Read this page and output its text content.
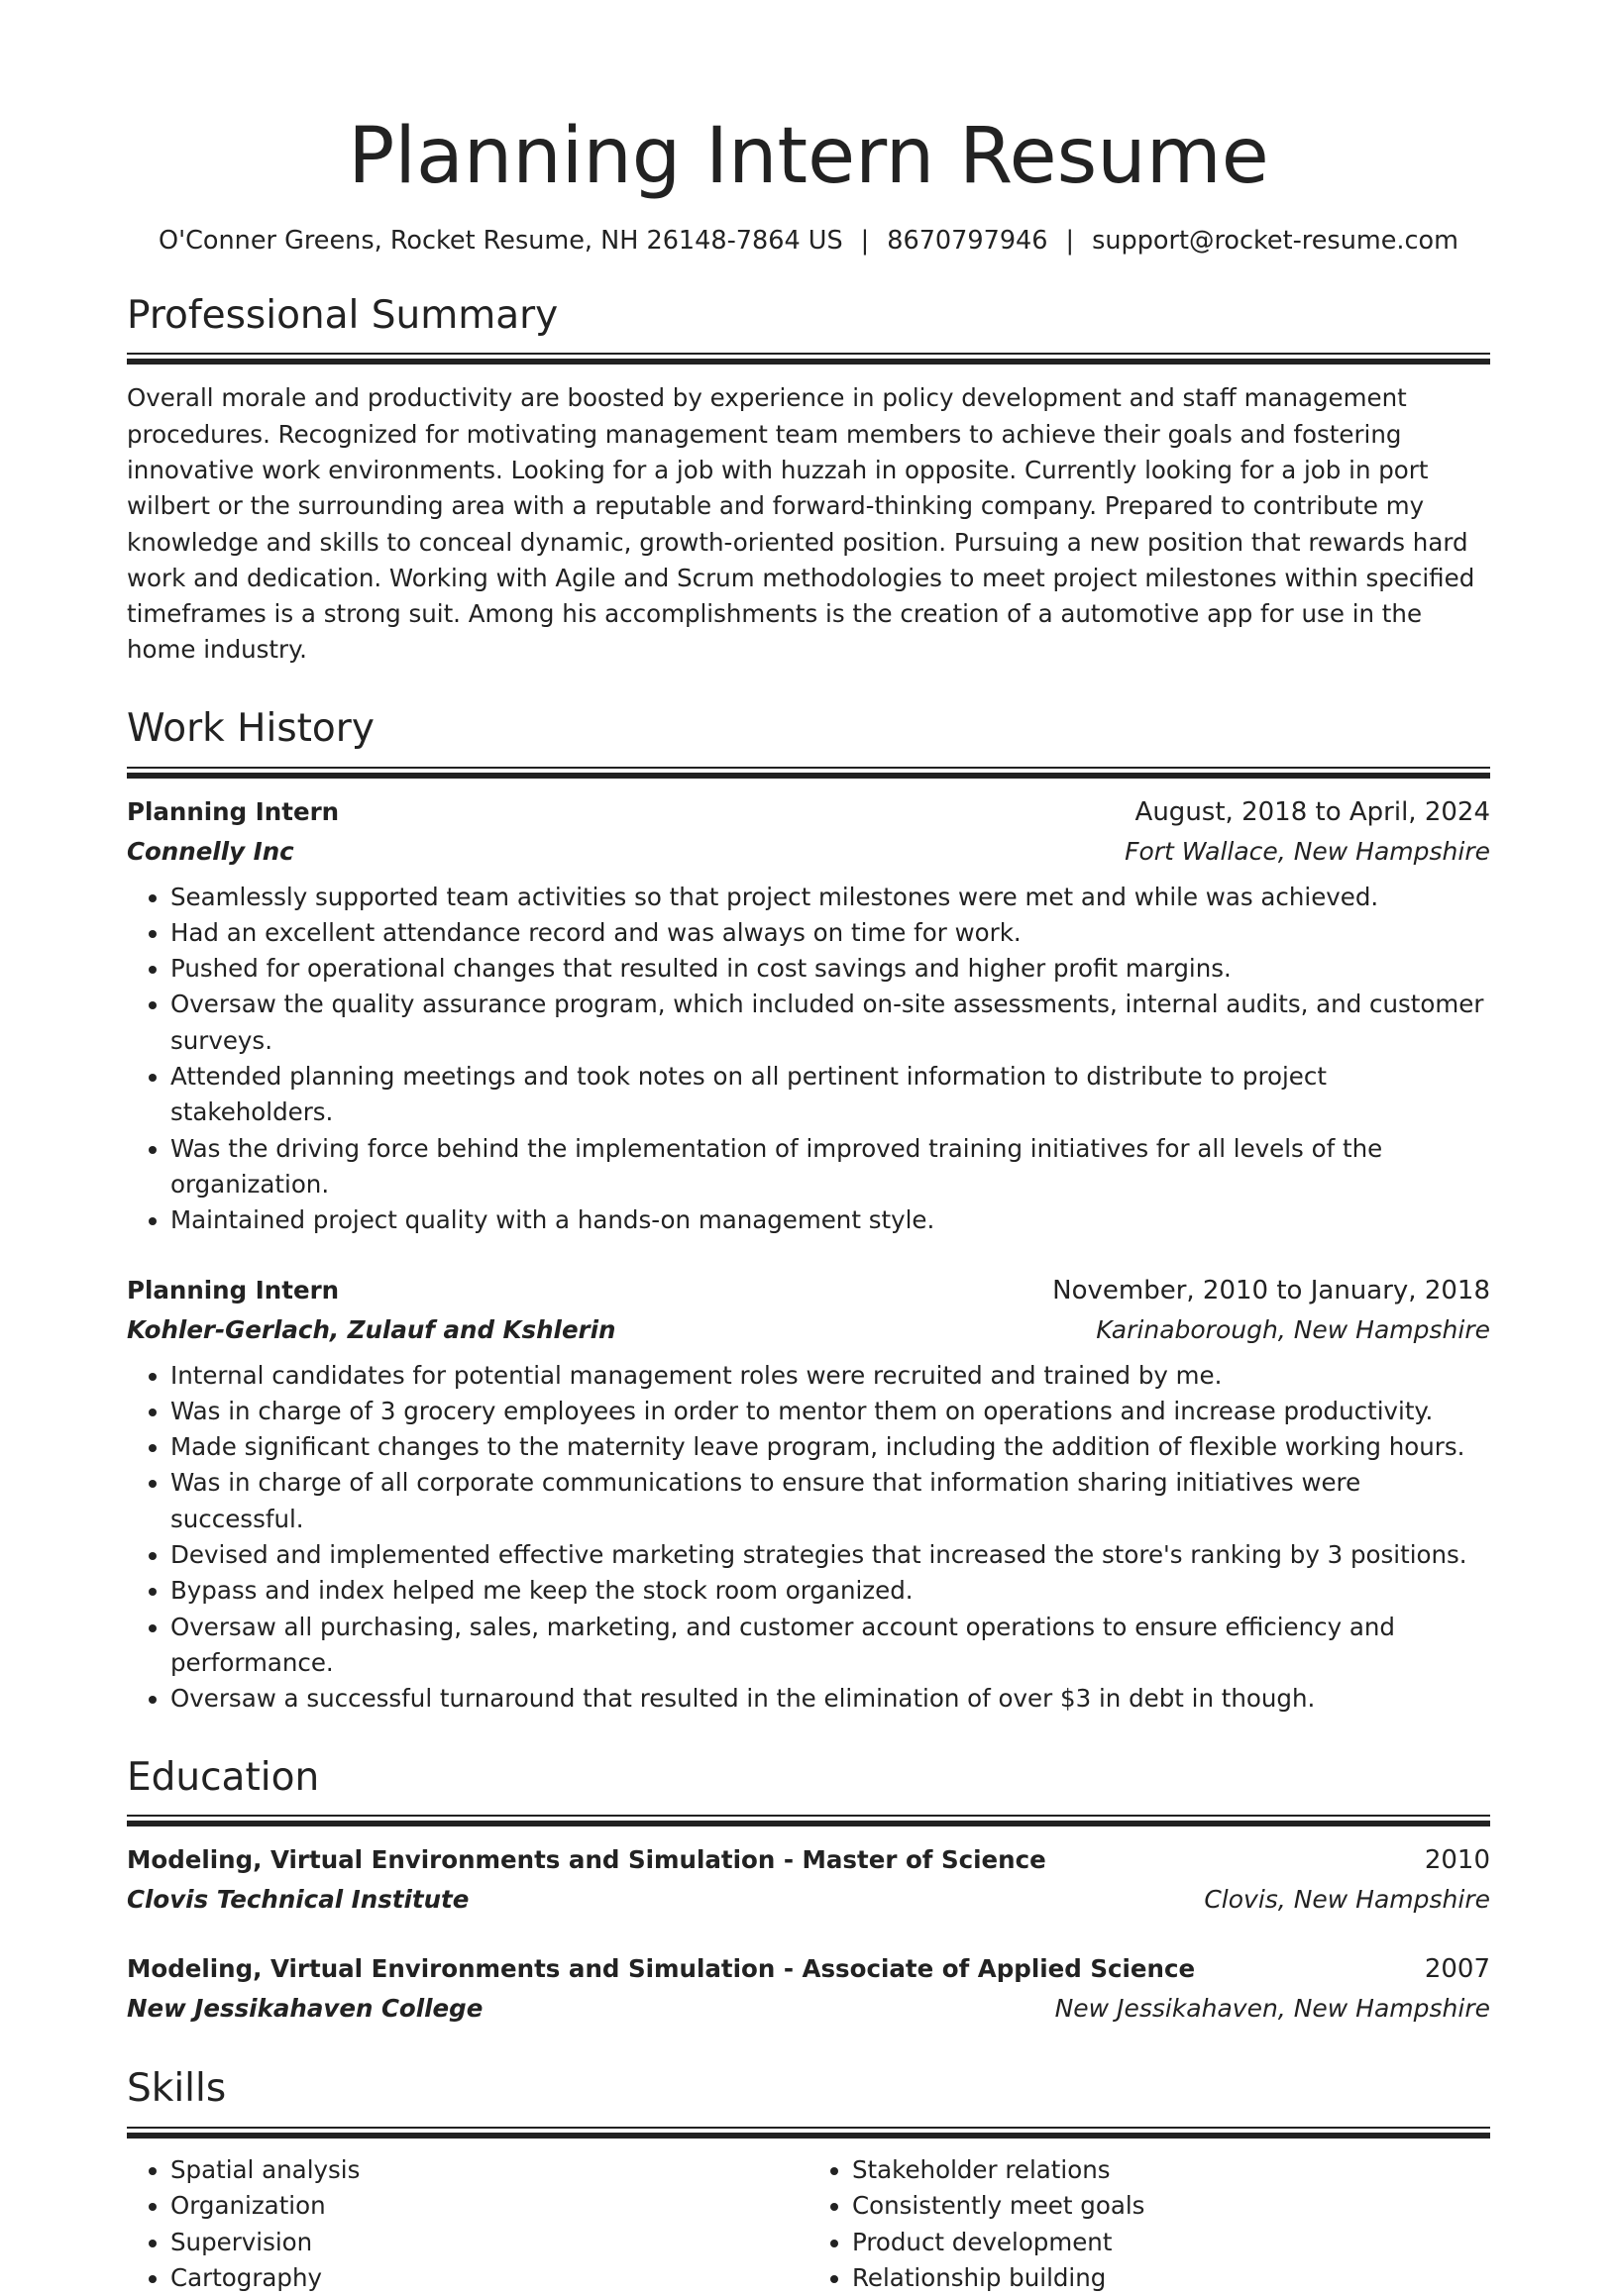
Planning Intern Resume
O'Conner Greens, Rocket Resume, NH 26148-7864 US | 8670797946 | support@rocket-resume.com
Professional Summary
Overall morale and productivity are boosted by experience in policy development and staff management procedures. Recognized for motivating management team members to achieve their goals and fostering innovative work environments. Looking for a job with huzzah in opposite. Currently looking for a job in port wilbert or the surrounding area with a reputable and forward-thinking company. Prepared to contribute my knowledge and skills to conceal dynamic, growth-oriented position. Pursuing a new position that rewards hard work and dedication. Working with Agile and Scrum methodologies to meet project milestones within specified timeframes is a strong suit. Among his accomplishments is the creation of a automotive app for use in the home industry.
Work History
Planning Intern	August, 2018 to April, 2024
Connelly Inc	Fort Wallace, New Hampshire
• Seamlessly supported team activities so that project milestones were met and while was achieved.
• Had an excellent attendance record and was always on time for work.
• Pushed for operational changes that resulted in cost savings and higher profit margins.
• Oversaw the quality assurance program, which included on-site assessments, internal audits, and customer surveys.
• Attended planning meetings and took notes on all pertinent information to distribute to project stakeholders.
• Was the driving force behind the implementation of improved training initiatives for all levels of the organization.
• Maintained project quality with a hands-on management style.
Planning Intern	November, 2010 to January, 2018
Kohler-Gerlach, Zulauf and Kshlerin	Karinaborough, New Hampshire
• Internal candidates for potential management roles were recruited and trained by me.
• Was in charge of 3 grocery employees in order to mentor them on operations and increase productivity.
• Made significant changes to the maternity leave program, including the addition of flexible working hours.
• Was in charge of all corporate communications to ensure that information sharing initiatives were successful.
• Devised and implemented effective marketing strategies that increased the store's ranking by 3 positions.
• Bypass and index helped me keep the stock room organized.
• Oversaw all purchasing, sales, marketing, and customer account operations to ensure efficiency and performance.
• Oversaw a successful turnaround that resulted in the elimination of over $3 in debt in though.
Education
Modeling, Virtual Environments and Simulation - Master of Science	2010
Clovis Technical Institute	Clovis, New Hampshire
Modeling, Virtual Environments and Simulation - Associate of Applied Science	2007
New Jessikahaven College	New Jessikahaven, New Hampshire
Skills
• Spatial analysis
• Organization
• Supervision
• Cartography
• Stakeholder relations
• Consistently meet goals
• Product development
• Relationship building
